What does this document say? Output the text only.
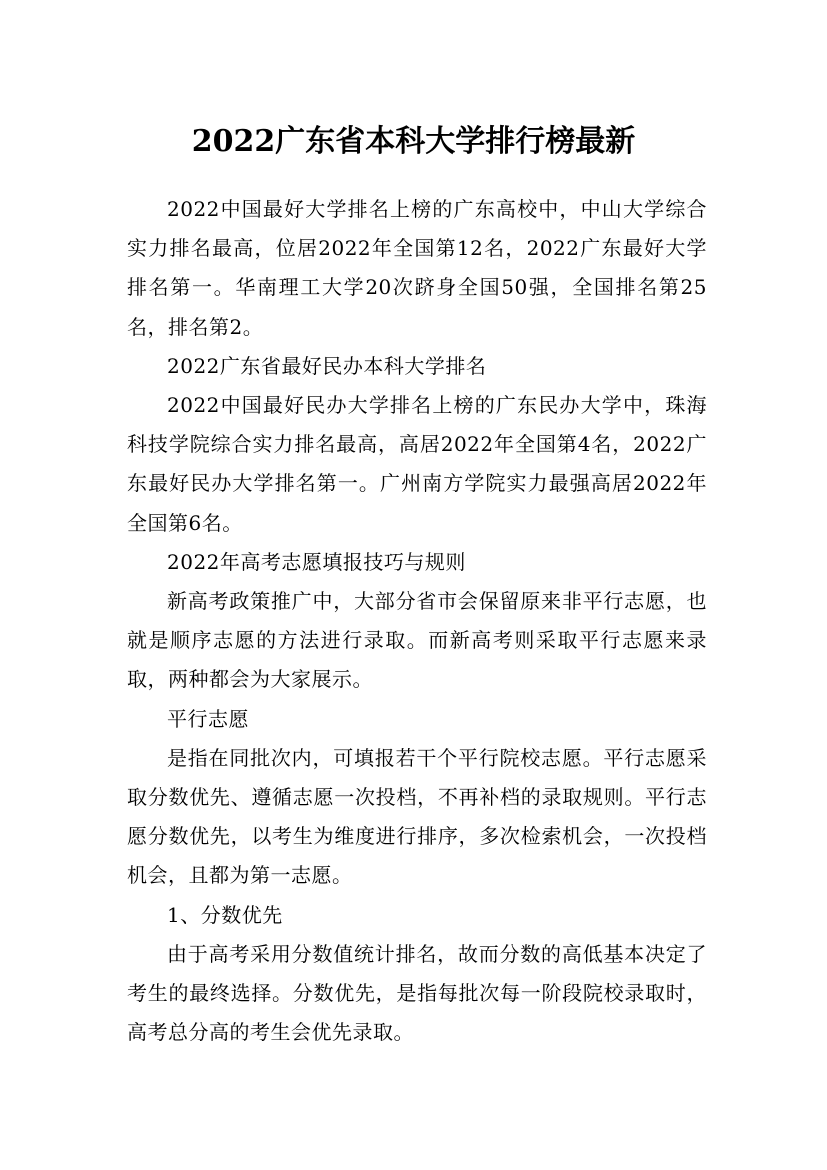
2022广东省本科大学排行榜最新

2022中国最好大学排名上榜的广东高校中，中山大学综合实力排名最高，位居2022年全国第12名，2022广东最好大学排名第一。华南理工大学20次跻身全国50强，全国排名第25名，排名第2。

2022广东省最好民办本科大学排名

2022中国最好民办大学排名上榜的广东民办大学中，珠海科技学院综合实力排名最高，高居2022年全国第4名，2022广东最好民办大学排名第一。广州南方学院实力最强高居2022年全国第6名。

2022年高考志愿填报技巧与规则

新高考政策推广中，大部分省市会保留原来非平行志愿，也就是顺序志愿的方法进行录取。而新高考则采取平行志愿来录取，两种都会为大家展示。

平行志愿

是指在同批次内，可填报若干个平行院校志愿。平行志愿采取分数优先、遵循志愿一次投档，不再补档的录取规则。平行志愿分数优先，以考生为维度进行排序，多次检索机会，一次投档机会，且都为第一志愿。

1、分数优先

由于高考采用分数值统计排名，故而分数的高低基本决定了考生的最终选择。分数优先，是指每批次每一阶段院校录取时，高考总分高的考生会优先录取。
